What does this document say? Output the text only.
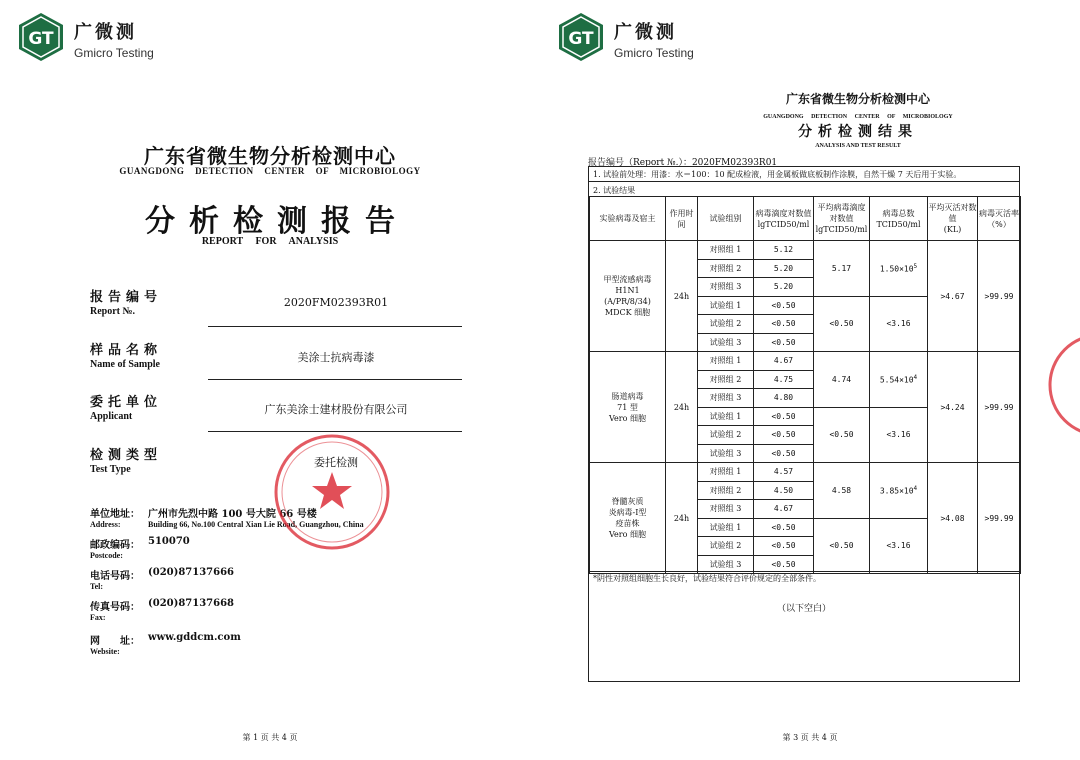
GT 广微测
Gmicro Testing
广东省微生物分析检测中心
GUANGDONG DETECTION CENTER OF MICROBIOLOGY
分析检测报告
REPORT FOR ANALYSIS
报告编号
Report №.
2020FM02393R01
样品名称
Name of Sample
美涂士抗病毒漆
委托单位
Applicant
广东美涂士建材股份有限公司
检测类型
Test Type
委托检测
单位地址： 广州市先烈中路 100 号大院 66 号楼
Address:	Building 66, No.100 Central Xian Lie Road, Guangzhou, China
邮政编码： 510070
Postcode:
电话号码： (020)87137666
Tel:
传真号码： (020)87137668
Fax:
网　　址： www.gddcm.com
Website:
第 1 页 共 4 页
GT 广微测
Gmicro Testing
广东省微生物分析检测中心
GUANGDONG DETECTION CENTER OF MICROBIOLOGY
分析检测结果
ANALYSIS AND TEST RESULT
报告编号（Report №.）：2020FM02393R01
1. 试验前处理：用漆：水＝100：10 配成检液，用金属板做底板制作涂膜，自然干燥 7 天后用于实验。
2. 试验结果
实验病毒及宿主	作用时间	试验组别	病毒滴度对数值
lgTCID50/ml	平均病毒滴度对数值
lgTCID50/ml	病毒总数
TCID50/ml	平均灭活对数值
(KL)	病毒灭活率
（%）
甲型流感病毒
H1N1
(A/PR/8/34)
MDCK 细胞	24h	对照组 1	5.12	5.17	$1.50\times 10^5$	>4.67	>99.99
		对照组 2	5.20				
		对照组 3	5.20				
		试验组 1	<0.50	<0.50	<3.16		
		试验组 2	<0.50				
		试验组 3	<0.50				
肠道病毒
71 型
Vero 细胞	24h	对照组 1	4.67	4.74	$5.54\times 10^4$	>4.24	>99.99
		对照组 2	4.75				
		对照组 3	4.80				
		试验组 1	<0.50	<0.50	<3.16		
		试验组 2	<0.50				
		试验组 3	<0.50				
脊髓灰质
炎病毒-Ⅰ型
疫苗株
Vero 细胞	24h	对照组 1	4.57	4.58	$3.85\times 10^4$	>4.08	>99.99
		对照组 2	4.50				
		对照组 3	4.67				
		试验组 1	<0.50	<0.50	<3.16		
		试验组 2	<0.50				
		试验组 3	<0.50				
*阴性对照组细胞生长良好，试验结果符合评价规定的全部条件。
（以下空白）
第 3 页 共 4 页
